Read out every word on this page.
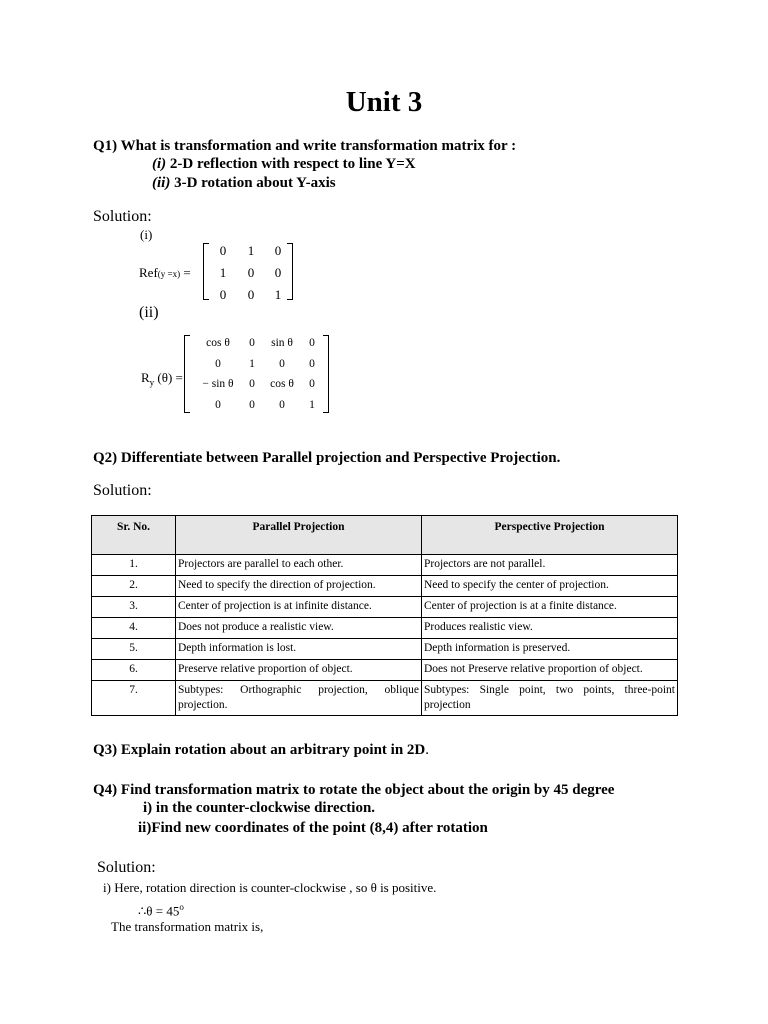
Unit 3
Q1) What is transformation and write transformation matrix for :
(i) 2-D reflection with respect to line Y=X
(ii) 3-D rotation about Y-axis
Solution:
(i)
Ref(y =x) =
0 1 0
1 0 0
0 0 1
(ii)
$R_y$ (θ) =
cos θ	0	sin θ	0
0	1	0	0
− sin θ	0	cos θ	0
0	0	0	1
Q2) Differentiate between Parallel projection and Perspective Projection.
Solution:
Sr. No.	Parallel Projection	Perspective Projection
1.	Projectors are parallel to each other.	Projectors are not parallel.
2.	Need to specify the direction of projection.	Need to specify the center of projection.
3.	Center of projection is at infinite distance.	Center of projection is at a finite distance.
4.	Does not produce a realistic view.	Produces realistic view.
5.	Depth information is lost.	Depth information is preserved.
6.	Preserve relative proportion of object.	Does not Preserve relative proportion of object.
7.	Subtypes: Orthographic projection, oblique projection.	Subtypes: Single point, two points, three-point projection
Q3) Explain rotation about an arbitrary point in 2D.
Q4) Find transformation matrix to rotate the object about the origin by 45 degree
i) in the counter-clockwise direction.
ii)Find new coordinates of the point (8,4) after rotation
Solution:
i) Here, rotation direction is counter-clockwise , so θ is positive.
∴θ = $45^o$
The transformation matrix is,
